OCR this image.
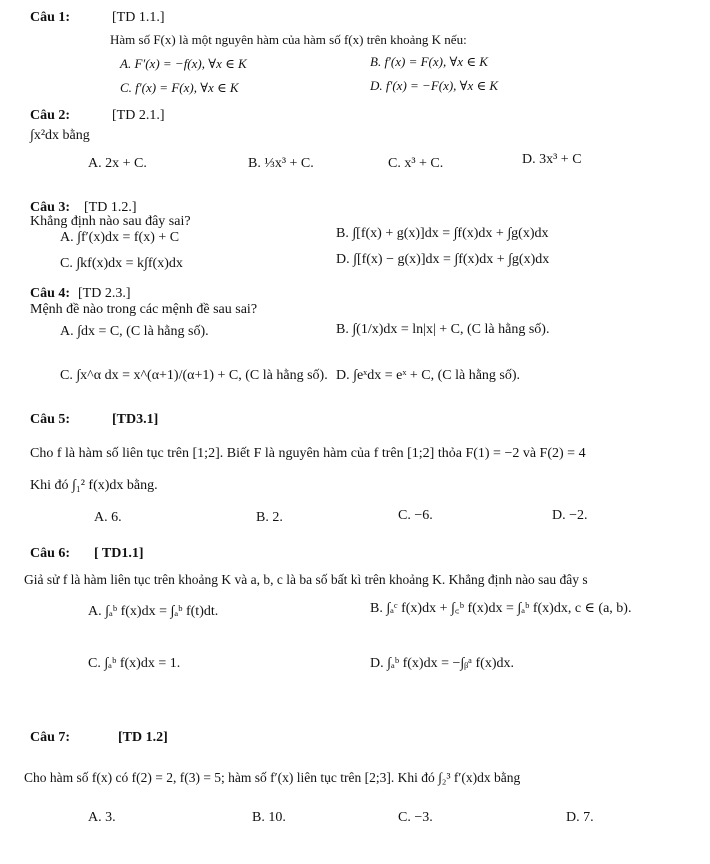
Câu 1:	[TD 1.1.]
Hàm số F(x) là một nguyên hàm của hàm số f(x) trên khoảng K nếu:
A. F′(x) = −f(x), ∀x ∈ K	B. f′(x) = F(x), ∀x ∈ K
C. f′(x) = F(x), ∀x ∈ K	D. f′(x) = −F(x), ∀x ∈ K
Câu 2:	[TD 2.1.]
∫x²dx bằng
A. 2x + C.	B. ⅓x³ + C.	C. x³ + C.	D. 3x³ + C
Câu 3: [TD 1.2.]
Khẳng định nào sau đây sai?
A. ∫f′(x)dx = f(x) + C	B. ∫[f(x) + g(x)]dx = ∫f(x)dx + ∫g(x)dx
C. ∫kf(x)dx = k∫f(x)dx	D. ∫[f(x) − g(x)]dx = ∫f(x)dx + ∫g(x)dx
Câu 4: [TD 2.3.]
Mệnh đề nào trong các mệnh đề sau sai?
A. ∫dx = C, (C là hằng số).	B. ∫(1/x)dx = ln|x| + C, (C là hằng số).
C. ∫x^α dx = x^(α+1)/(α+1) + C, (C là hằng số). D. ∫eˣdx = eˣ + C, (C là hằng số).
Câu 5:	[TD3.1]
Cho f là hàm số liên tục trên [1;2]. Biết F là nguyên hàm của f trên [1;2] thỏa F(1) = −2 và F(2) = 4
Khi đó ∫₁² f(x)dx bằng.
A. 6.	B. 2.	C. −6.	D. −2.
Câu 6: [ TD1.1]
Giả sử f là hàm liên tục trên khoảng K và a, b, c là ba số bất kì trên khoảng K. Khẳng định nào sau đây s
A. ∫ₐᵇ f(x)dx = ∫ₐᵇ f(t)dt.	B. ∫ₐᶜ f(x)dx + ∫꜀ᵇ f(x)dx = ∫ₐᵇ f(x)dx, c ∈ (a, b).
C. ∫ₐᵇ f(x)dx = 1.	D. ∫ₐᵇ f(x)dx = −∫ᵦᵃ f(x)dx.
Câu 7:	[TD 1.2]
Cho hàm số f(x) có f(2) = 2, f(3) = 5; hàm số f′(x) liên tục trên [2;3]. Khi đó ∫₂³ f′(x)dx bằng
A. 3.	B. 10.	C. −3.	D. 7.
